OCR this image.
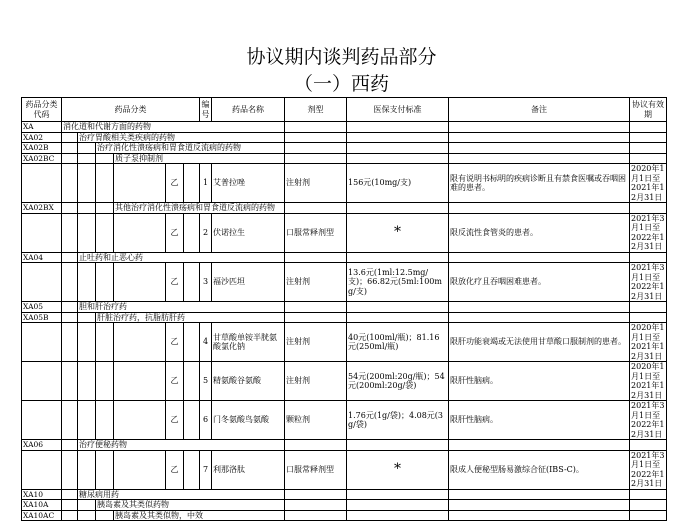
协议期内谈判药品部分
（一）西药
药品分类代码	药品分类						编号	药品名称	剂型	医保支付标准	备注	协议有效期
XA	消化道和代谢方面的药物											
XA02		治疗胃酸相关类疾病的药物										
XA02B			治疗消化性溃疡病和胃食道反流病的药物									
XA02BC				质子泵抑制剂								
					乙		1	艾普拉唑	注射剂	156元(10mg/支)	限有说明书标明的疾病诊断且有禁食医嘱或吞咽困难的患者。	2020年1月1日至2021年12月31日
XA02BX				其他治疗消化性溃疡病和胃食道反流病的药物								
					乙		2	伏诺拉生	口服常释剂型	*	限反流性食管炎的患者。	2021年3月1日至2022年12月31日
XA04		止吐药和止恶心药										
					乙		3	福沙匹坦	注射剂	13.6元(1ml:12.5mg/支)；66.82元(5ml:100mg/支)	限放化疗且吞咽困难患者。	2021年3月1日至2022年12月31日
XA05		胆和肝治疗药										
XA05B			肝脏治疗药，抗脂肪肝药									
					乙		4	甘草酸单铵半胱氨酸氯化钠	注射剂	40元(100ml/瓶)；81.16元(250ml/瓶)	限肝功能衰竭或无法使用甘草酸口服制剂的患者。	2020年1月1日至2021年12月31日
					乙		5	精氨酸谷氨酸	注射剂	54元(200ml:20g/瓶)；54元(200ml:20g/袋)	限肝性脑病。	2020年1月1日至2021年12月31日
					乙		6	门冬氨酸鸟氨酸	颗粒剂	1.76元(1g/袋)；4.08元(3g/袋)	限肝性脑病。	2021年3月1日至2022年12月31日
XA06		治疗便秘药物										
					乙		7	利那洛肽	口服常释剂型	*	限成人便秘型肠易激综合征(IBS-C)。	2021年3月1日至2022年12月31日
XA10		糖尿病用药										
XA10A			胰岛素及其类似药物									
XA10AC				胰岛素及其类似物，中效								
